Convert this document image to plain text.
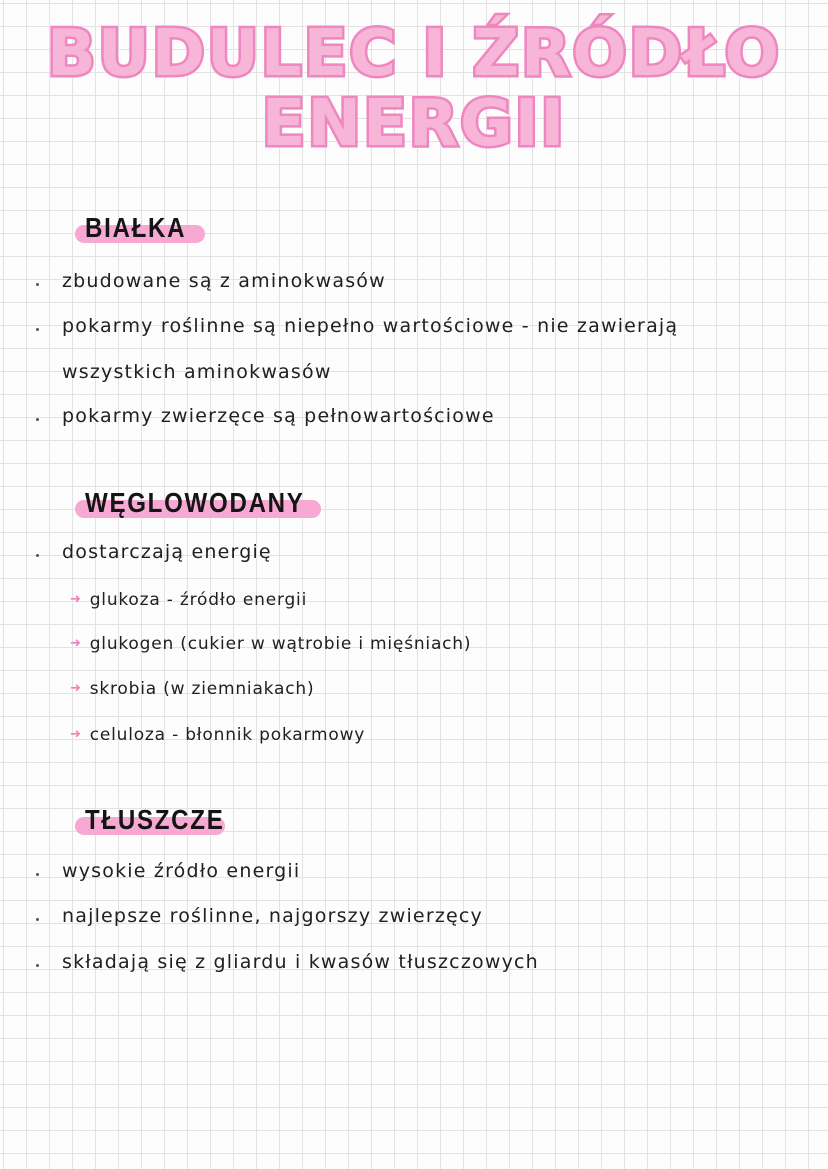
BUDULEC I ŹRÓDŁO
ENERGII
BIAŁKA
zbudowane są z aminokwasów
pokarmy roślinne są niepełno wartościowe - nie zawierają
wszystkich aminokwasów
pokarmy zwierzęce są pełnowartościowe
WĘGLOWODANY
dostarczają energię
➜ glukoza - źródło energii
➜ glukogen (cukier w wątrobie i mięśniach)
➜ skrobia (w ziemniakach)
➜ celuloza - błonnik pokarmowy
TŁUSZCZE
wysokie źródło energii
najlepsze roślinne, najgorszy zwierzęcy
składają się z gliardu i kwasów tłuszczowych
